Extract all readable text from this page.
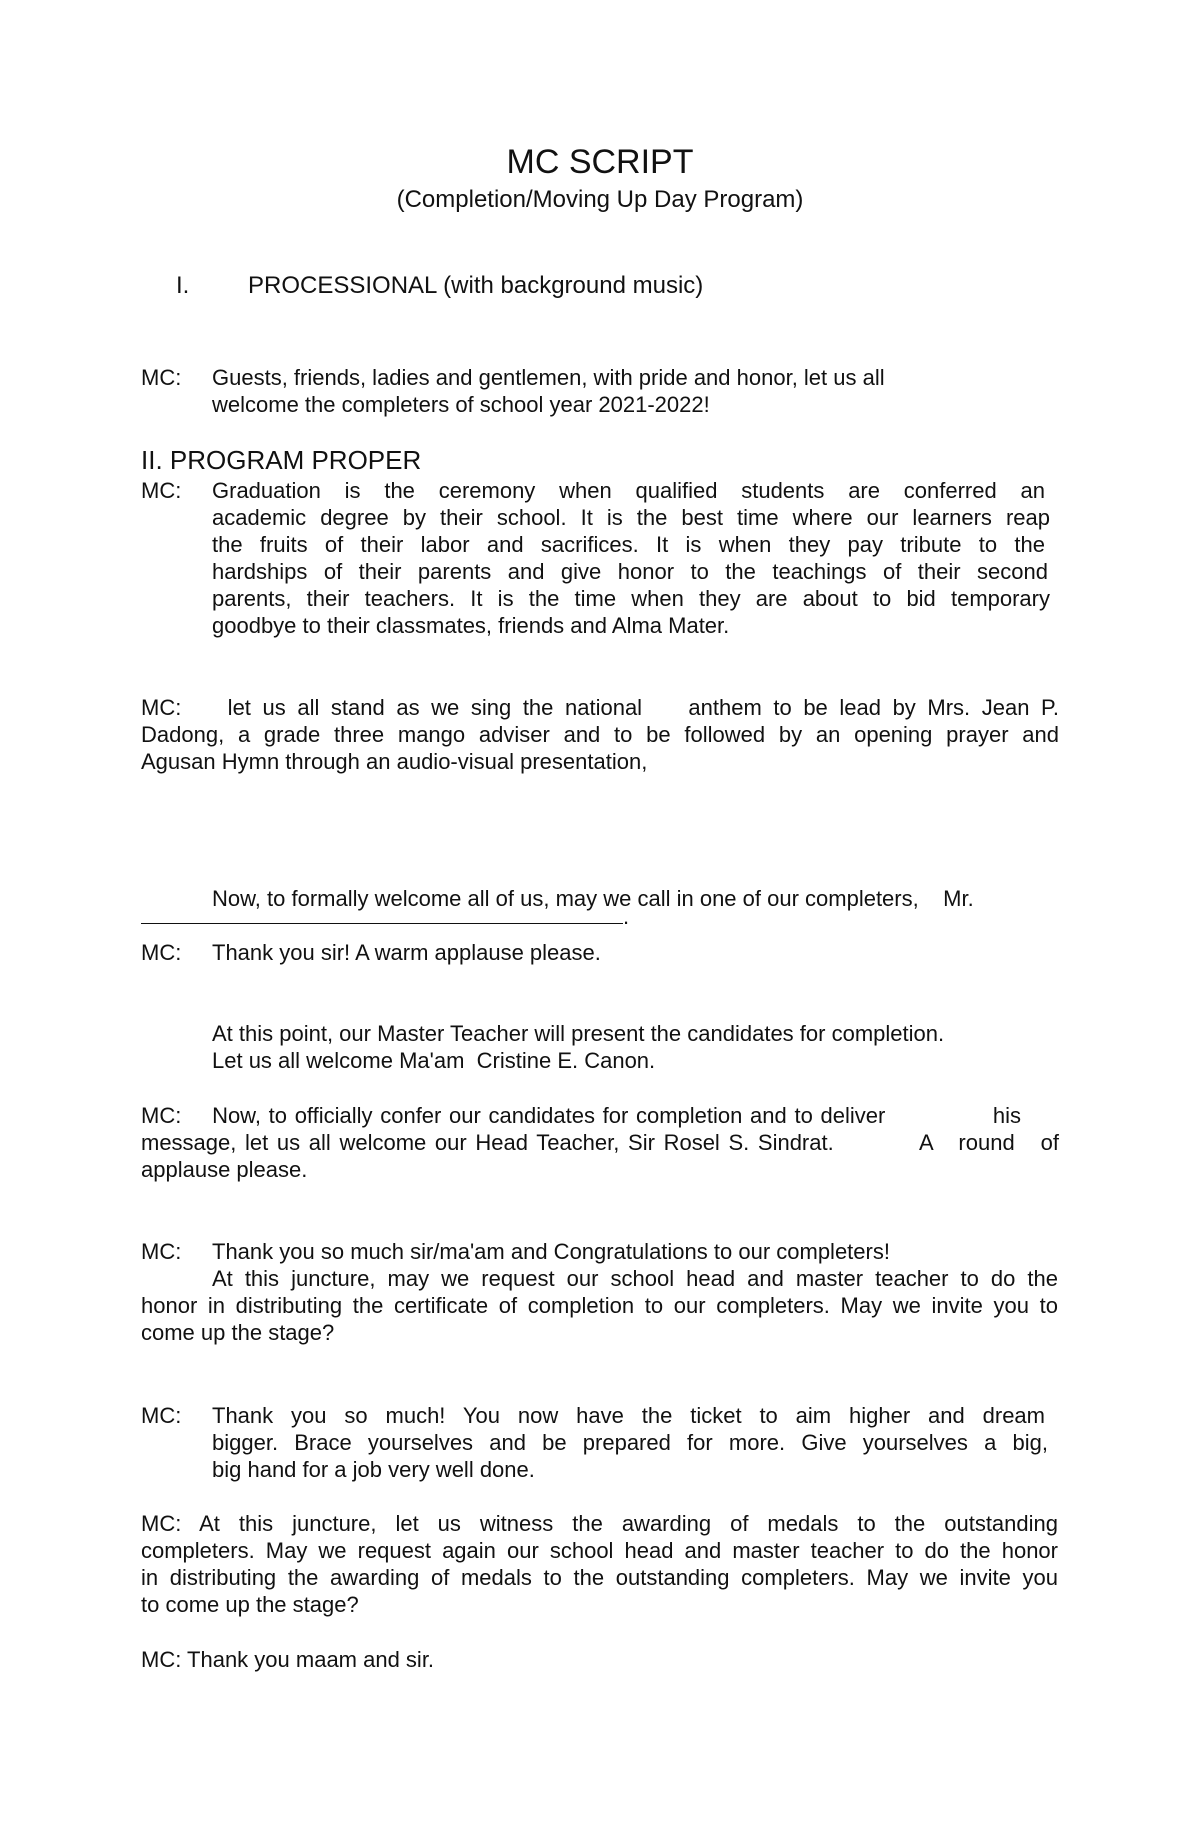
MC SCRIPT
(Completion/Moving Up Day Program)
I. PROCESSIONAL (with background music)
MC: Guests, friends, ladies and gentlemen, with pride and honor, let us all
welcome the completers of school year 2021-2022!
II. PROGRAM PROPER
MC: Graduation is the ceremony when qualified students are conferred an
academic degree by their school. It is the best time where our learners reap
the fruits of their labor and sacrifices. It is when they pay tribute to the
hardships of their parents and give honor to the teachings of their second
parents, their teachers. It is the time when they are about to bid temporary
goodbye to their classmates, friends and Alma Mater.
MC:    let us all stand as we sing the national    anthem to be lead by Mrs. Jean P.
Dadong, a grade three mango adviser and to be followed by an opening prayer and
Agusan Hymn through an audio-visual presentation,
Now, to formally welcome all of us, may we call in one of our completers,    Mr.
.
MC: Thank you sir! A warm applause please.
At this point, our Master Teacher will present the candidates for completion.
Let us all welcome Ma'am  Cristine E. Canon.
MC:    Now, to officially confer our candidates for completion and to deliver              his
message, let us all welcome our Head Teacher, Sir Rosel S. Sindrat.          A   round   of
applause please.
MC: Thank you so much sir/ma'am and Congratulations to our completers!
At this juncture, may we request our school head and master teacher to do the
honor in distributing the certificate of completion to our completers. May we invite you to
come up the stage?
MC: Thank you so much! You now have the ticket to aim higher and dream
bigger. Brace yourselves and be prepared for more. Give yourselves a big,
big hand for a job very well done.
MC: At this juncture, let us witness the awarding of medals to the outstanding
completers. May we request again our school head and master teacher to do the honor
in distributing the awarding of medals to the outstanding completers. May we invite you
to come up the stage?
MC: Thank you maam and sir.
